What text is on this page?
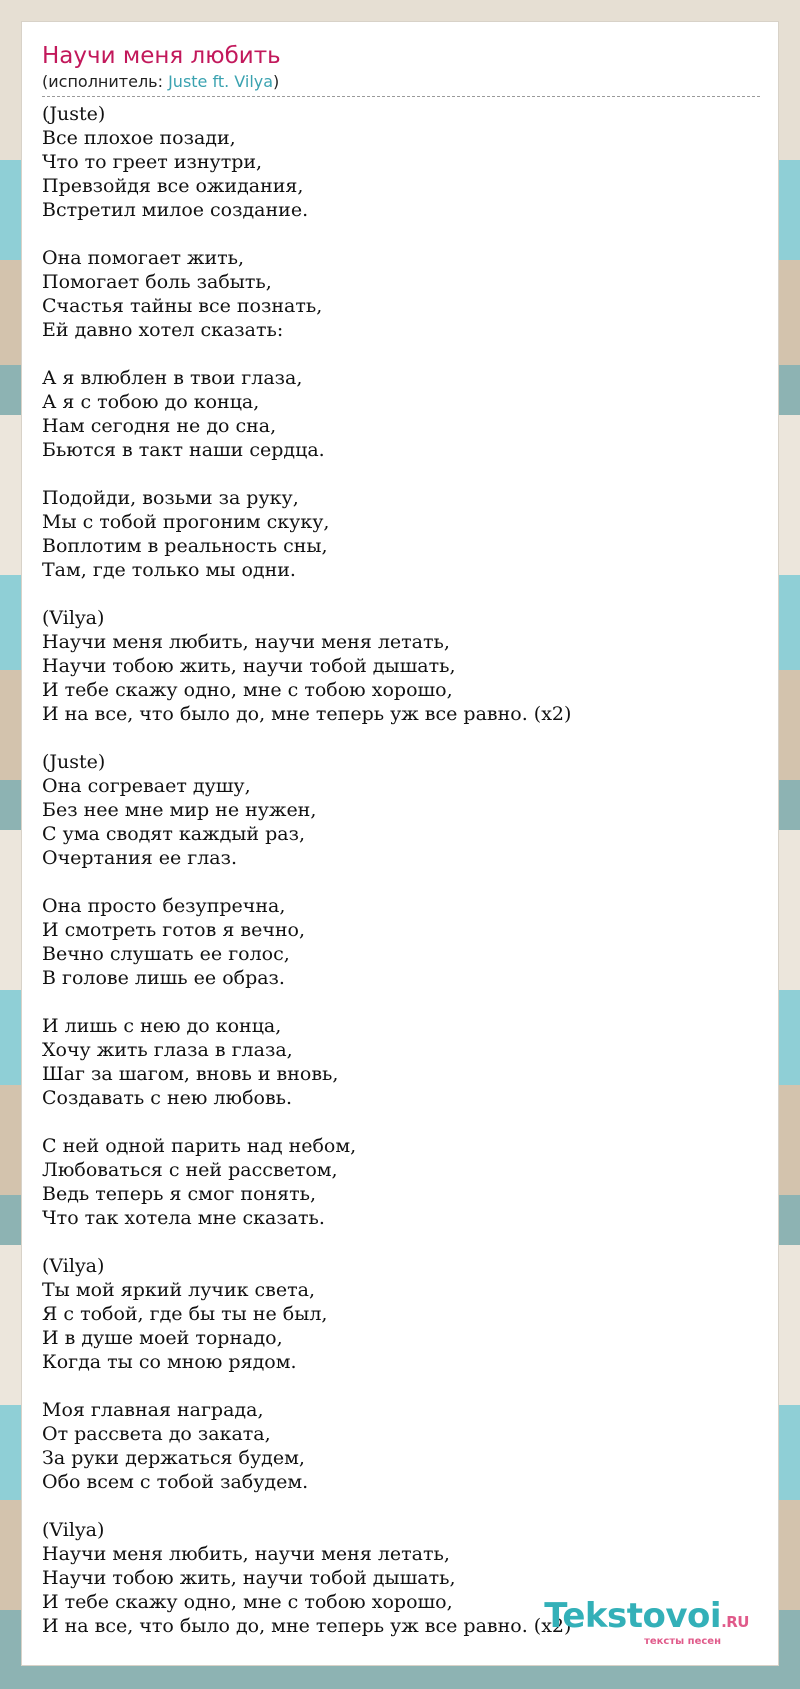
Научи меня любить
(исполнитель: Juste ft. Vilya)
(Juste)
Все плохое позади,
Что то греет изнутри,
Превзойдя все ожидания,
Встретил милое создание.
Она помогает жить,
Помогает боль забыть,
Счастья тайны все познать,
Ей давно хотел сказать:
А я влюблен в твои глаза,
А я с тобою до конца,
Нам сегодня не до сна,
Бьются в такт наши сердца.
Подойди, возьми за руку,
Мы с тобой прогоним скуку,
Воплотим в реальность сны,
Там, где только мы одни.
(Vilya)
Научи меня любить, научи меня летать,
Научи тобою жить, научи тобой дышать,
И тебе скажу одно, мне с тобою хорошо,
И на все, что было до, мне теперь уж все равно. (x2)
(Juste)
Она согревает душу,
Без нее мне мир не нужен,
С ума сводят каждый раз,
Очертания ее глаз.
Она просто безупречна,
И смотреть готов я вечно,
Вечно слушать ее голос,
В голове лишь ее образ.
И лишь с нею до конца,
Хочу жить глаза в глаза,
Шаг за шагом, вновь и вновь,
Создавать с нею любовь.
С ней одной парить над небом,
Любоваться с ней рассветом,
Ведь теперь я смог понять,
Что так хотела мне сказать.
(Vilya)
Ты мой яркий лучик света,
Я с тобой, где бы ты не был,
И в душе моей торнадо,
Когда ты со мною рядом.
Моя главная награда,
От рассвета до заката,
За руки держаться будем,
Обо всем с тобой забудем.
(Vilya)
Научи меня любить, научи меня летать,
Научи тобою жить, научи тобой дышать,
И тебе скажу одно, мне с тобою хорошо,
И на все, что было до, мне теперь уж все равно. (x2)
Tekstovoi.RU
тексты песен
